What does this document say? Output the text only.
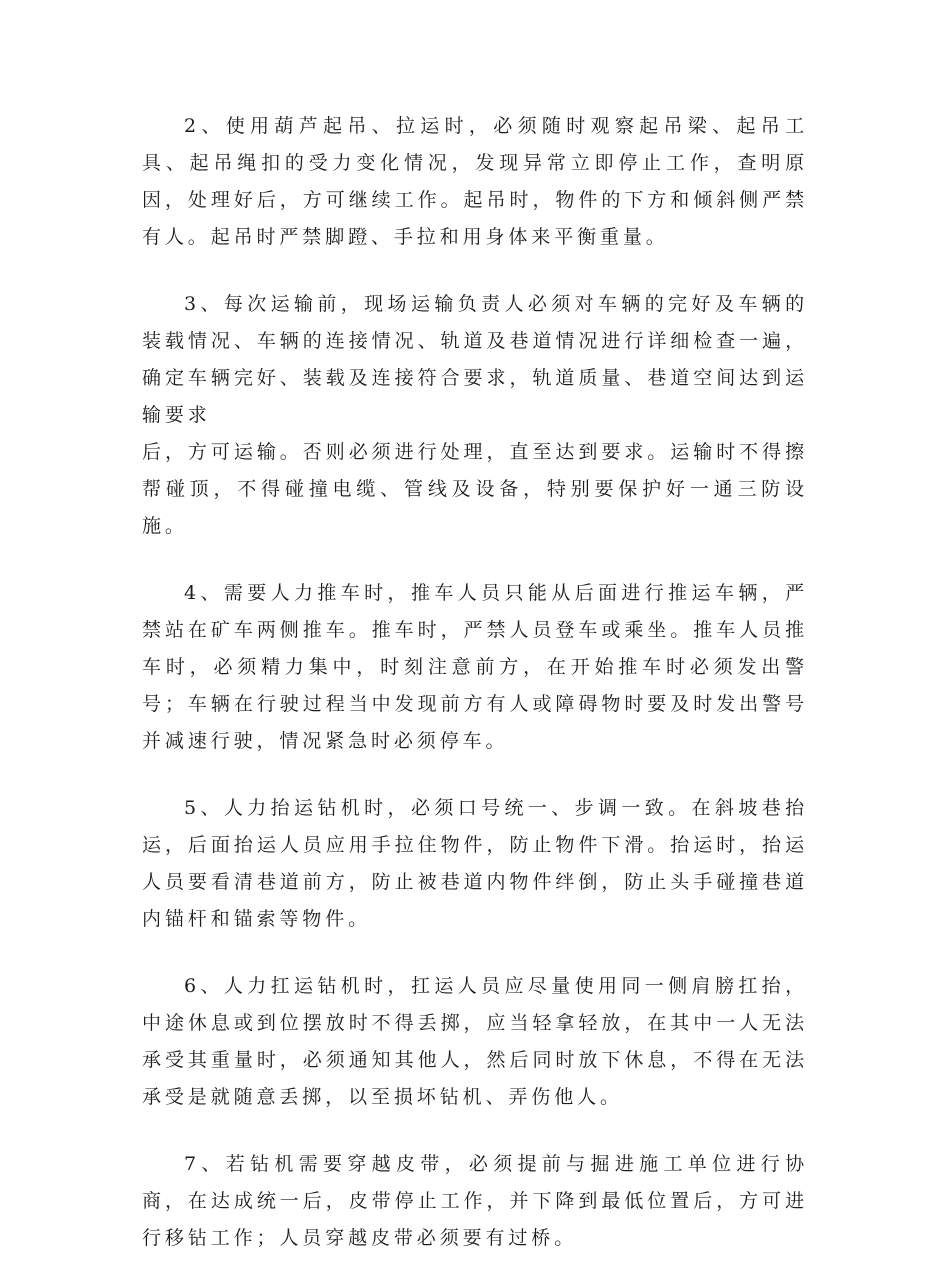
2、使用葫芦起吊、拉运时，必须随时观察起吊梁、起吊工具、起吊绳扣的受力变化情况，发现异常立即停止工作，查明原因，处理好后，方可继续工作。起吊时，物件的下方和倾斜侧严禁有人。起吊时严禁脚蹬、手拉和用身体来平衡重量。

3、每次运输前，现场运输负责人必须对车辆的完好及车辆的装载情况、车辆的连接情况、轨道及巷道情况进行详细检查一遍，确定车辆完好、装载及连接符合要求，轨道质量、巷道空间达到运输要求
后，方可运输。否则必须进行处理，直至达到要求。运输时不得擦帮碰顶，不得碰撞电缆、管线及设备，特别要保护好一通三防设施。

4、需要人力推车时，推车人员只能从后面进行推运车辆，严禁站在矿车两侧推车。推车时，严禁人员登车或乘坐。推车人员推车时，必须精力集中，时刻注意前方，在开始推车时必须发出警号；车辆在行驶过程当中发现前方有人或障碍物时要及时发出警号并减速行驶，情况紧急时必须停车。

5、人力抬运钻机时，必须口号统一、步调一致。在斜坡巷抬运，后面抬运人员应用手拉住物件，防止物件下滑。抬运时，抬运人员要看清巷道前方，防止被巷道内物件绊倒，防止头手碰撞巷道内锚杆和锚索等物件。

6、人力扛运钻机时，扛运人员应尽量使用同一侧肩膀扛抬，中途休息或到位摆放时不得丢掷，应当轻拿轻放，在其中一人无法承受其重量时，必须通知其他人，然后同时放下休息，不得在无法承受是就随意丢掷，以至损坏钻机、弄伤他人。

7、若钻机需要穿越皮带，必须提前与掘进施工单位进行协商，在达成统一后，皮带停止工作，并下降到最低位置后，方可进行移钻工作；人员穿越皮带必须要有过桥。
